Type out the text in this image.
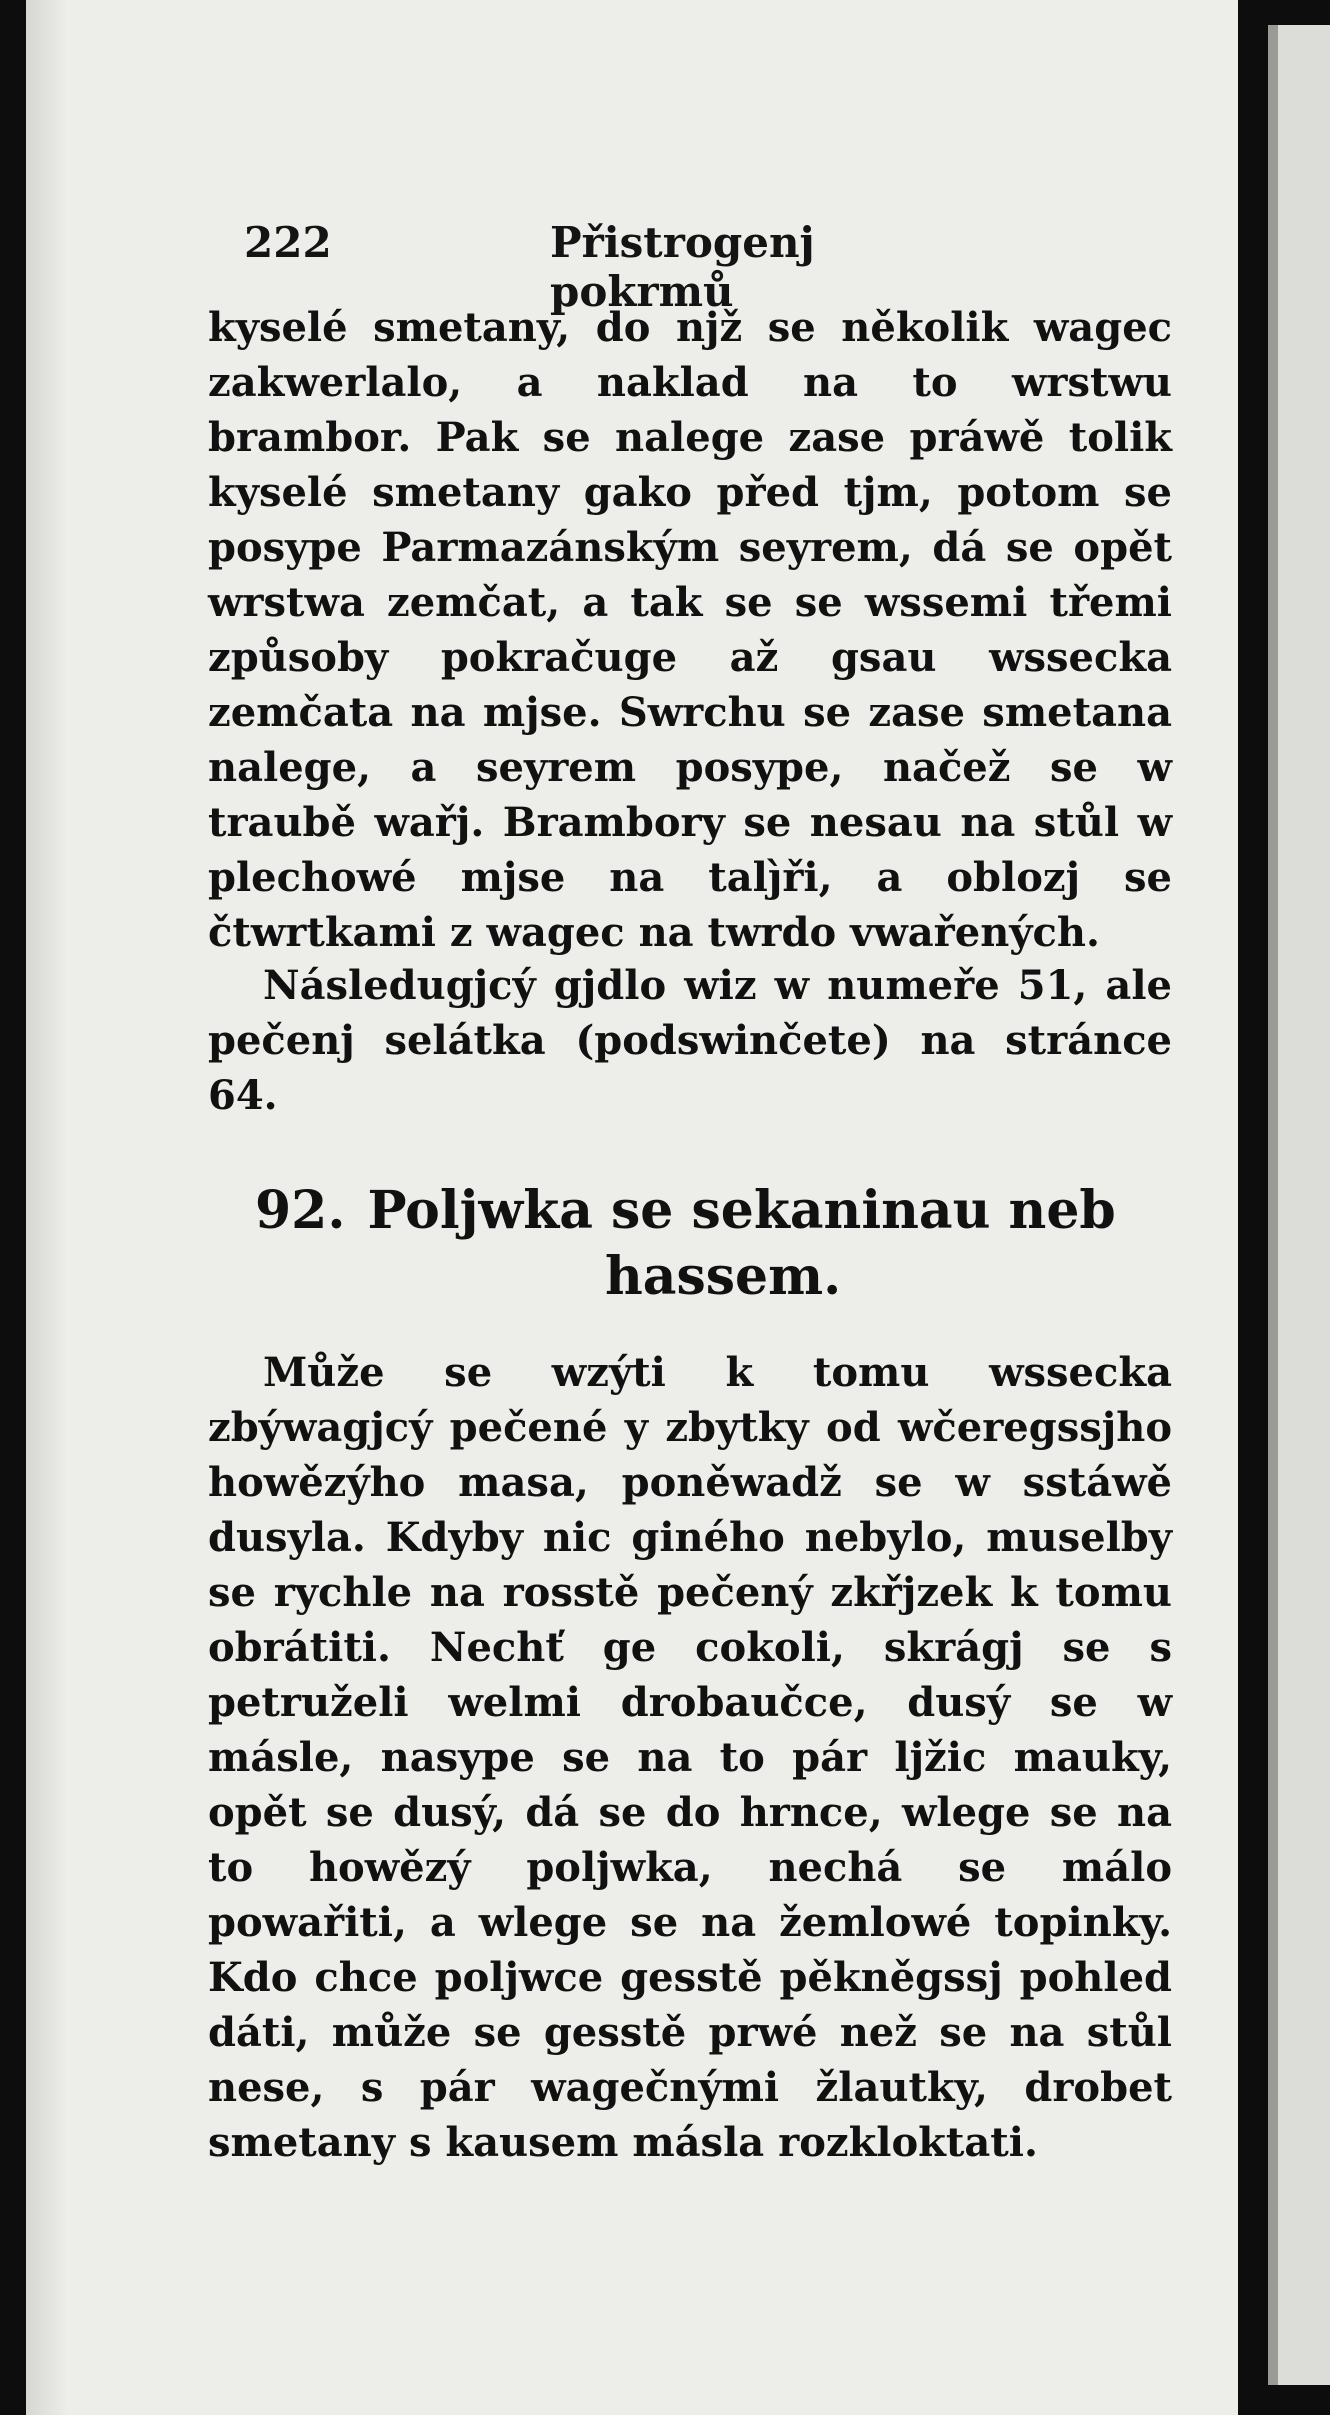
222	Přistrogenj pokrmů

kyselé smetany, do njž se několik wagec zakwerlalo, a naklad na to wrstwu brambor. Pak se nalege zase práwě tolik kyselé smetany gako před tjm, potom se posype Parmazánským seyrem, dá se opět wrstwa zemčat, a tak se se wssemi třemi způsoby pokračuge až gsau wssecka zemčata na mjse. Swrchu se zase smetana nalege, a seyrem posype, načež se w traubě wařj. Brambory se nesau na stůl w plechowé mjse na talj̀ři, a oblozj se čtwrtkami z wagec na twrdo vwařených.

Následugjcý gjdlo wiz w numeře 51, ale pečenj selátka (podswinčete) na stránce 64.

92. Poljwka se sekaninau neb
hassem.

Může se wzýti k tomu wssecka zbýwagjcý pečené y zbytky od wčeregssjho howězýho masa, poněwadž se w sstáwě dusyla. Kdyby nic giného nebylo, muselby se rychle na rosstě pečený zkřjzek k tomu obrátiti. Nechť ge cokoli, skrágj se s petruželi welmi drobaučce, dusý se w másle, nasype se na to pár ljžic mauky, opět se dusý, dá se do hrnce, wlege se na to howězý poljwka, nechá se málo powařiti, a wlege se na žemlowé topinky. Kdo chce poljwce gesstě pěkněgssj pohled dáti, může se gesstě prwé než se na stůl nese, s pár wagečnými žlautky, drobet smetany s kausem másla rozkloktati.
